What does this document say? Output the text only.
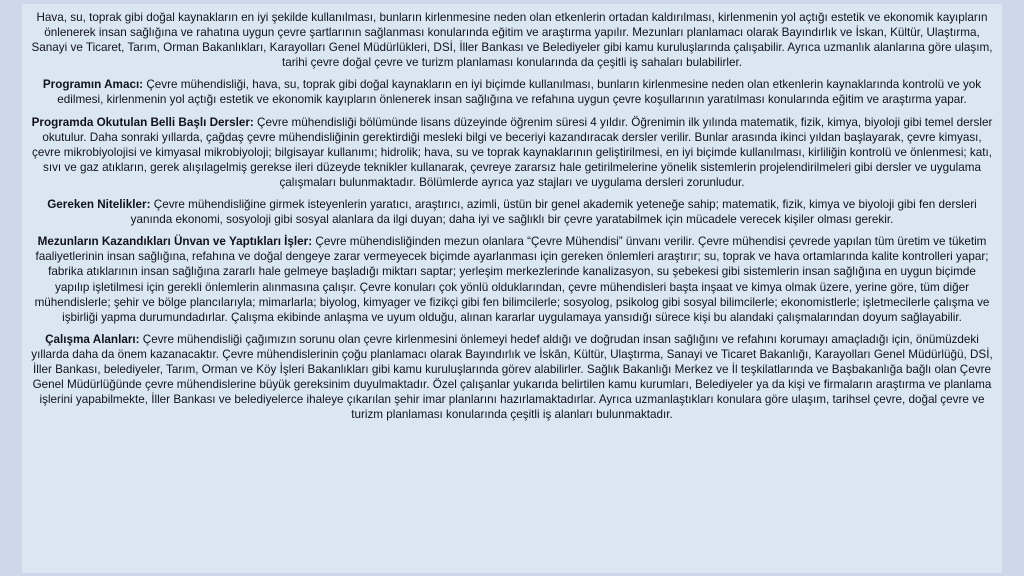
Hava, su, toprak gibi doğal kaynakların en iyi şekilde kullanılması, bunların kirlenmesine neden olan etkenlerin ortadan kaldırılması, kirlenmenin yol açtığı estetik ve ekonomik kayıpların önlenerek insan sağlığına ve rahatına uygun çevre şartlarının sağlanması konularında eğitim ve araştırma yapılır. Mezunları planlamacı olarak Bayındırlık ve İskan, Kültür, Ulaştırma, Sanayi ve Ticaret, Tarım, Orman Bakanlıkları, Karayolları Genel Müdürlükleri, DSİ, İller Bankası ve Belediyeler gibi kamu kuruluşlarında çalışabilir. Ayrıca uzmanlık alanlarına göre ulaşım, tarihi çevre doğal çevre ve turizm planlaması konularında da çeşitli iş sahaları bulabilirler.

Programın Amacı: Çevre mühendisliği, hava, su, toprak gibi doğal kaynakların en iyi biçimde kullanılması, bunların kirlenmesine neden olan etkenlerin kaynaklarında kontrolü ve yok edilmesi, kirlenmenin yol açtığı estetik ve ekonomik kayıpların önlenerek insan sağlığına ve refahına uygun çevre koşullarının yaratılması konularında eğitim ve araştırma yapar.

Programda Okutulan Belli Başlı Dersler: Çevre mühendisliği bölümünde lisans düzeyinde öğrenim süresi 4 yıldır. Öğrenimin ilk yılında matematik, fizik, kimya, biyoloji gibi temel dersler okutulur. Daha sonraki yıllarda, çağdaş çevre mühendisliğinin gerektirdiği mesleki bilgi ve beceriyi kazandıracak dersler verilir. Bunlar arasında ikinci yıldan başlayarak, çevre kimyası, çevre mikrobiyolojisi ve kimyasal mikrobiyoloji; bilgisayar kullanımı; hidrolik; hava, su ve toprak kaynaklarının geliştirilmesi, en iyi biçimde kullanılması, kirliliğin kontrolü ve önlenmesi; katı, sıvı ve gaz atıkların, gerek alışılagelmiş gerekse ileri düzeyde teknikler kullanarak, çevreye zararsız hale getirilmelerine yönelik sistemlerin projelendirilmeleri gibi dersler ve uygulama çalışmaları bulunmaktadır. Bölümlerde ayrıca yaz stajları ve uygulama dersleri zorunludur.

Gereken Nitelikler: Çevre mühendisliğine girmek isteyenlerin yaratıcı, araştırıcı, azimli, üstün bir genel akademik yeteneğe sahip; matematik, fizik, kimya ve biyoloji gibi fen dersleri yanında ekonomi, sosyoloji gibi sosyal alanlara da ilgi duyan; daha iyi ve sağlıklı bir çevre yaratabilmek için mücadele verecek kişiler olması gerekir.

Mezunların Kazandıkları Ünvan ve Yaptıkları İşler: Çevre mühendisliğinden mezun olanlara “Çevre Mühendisi” ünvanı verilir. Çevre mühendisi çevrede yapılan tüm üretim ve tüketim faaliyetlerinin insan sağlığına, refahına ve doğal dengeye zarar vermeyecek biçimde ayarlanması için gereken önlemleri araştırır; su, toprak ve hava ortamlarında kalite kontrolleri yapar; fabrika atıklarının insan sağlığına zararlı hale gelmeye başladığı miktarı saptar; yerleşim merkezlerinde kanalizasyon, su şebekesi gibi sistemlerin insan sağlığına en uygun biçimde yapılıp işletilmesi için gerekli önlemlerin alınmasına çalışır. Çevre konuları çok yönlü olduklarından, çevre mühendisleri başta inşaat ve kimya olmak üzere, yerine göre, tüm diğer mühendislerle; şehir ve bölge plancılarıyla; mimarlarla; biyolog, kimyager ve fizikçi gibi fen bilimcilerle; sosyolog, psikolog gibi sosyal bilimcilerle; ekonomistlerle; işletmecilerle çalışma ve işbirliği yapma durumundadırlar. Çalışma ekibinde anlaşma ve uyum olduğu, alınan kararlar uygulamaya yansıdığı sürece kişi bu alandaki çalışmalarından doyum sağlayabilir.

Çalışma Alanları: Çevre mühendisliği çağımızın sorunu olan çevre kirlenmesini önlemeyi hedef aldığı ve doğrudan insan sağlığını ve refahını korumayı amaçladığı için, önümüzdeki yıllarda daha da önem kazanacaktır. Çevre mühendislerinin çoğu planlamacı olarak Bayındırlık ve İskân, Kültür, Ulaştırma, Sanayi ve Ticaret Bakanlığı, Karayolları Genel Müdürlüğü, DSİ, İller Bankası, belediyeler, Tarım, Orman ve Köy İşleri Bakanlıkları gibi kamu kuruluşlarında görev alabilirler. Sağlık Bakanlığı Merkez ve İl teşkilatlarında ve Başbakanlığa bağlı olan Çevre Genel Müdürlüğünde çevre mühendislerine büyük gereksinim duyulmaktadır. Özel çalışanlar yukarıda belirtilen kamu kurumları, Belediyeler ya da kişi ve firmaların araştırma ve planlama işlerini yapabilmekte, İller Bankası ve belediyelerce ihaleye çıkarılan şehir imar planlarını hazırlamaktadırlar. Ayrıca uzmanlaştıkları konulara göre ulaşım, tarihsel çevre, doğal çevre ve turizm planlaması konularında çeşitli iş alanları bulunmaktadır.
